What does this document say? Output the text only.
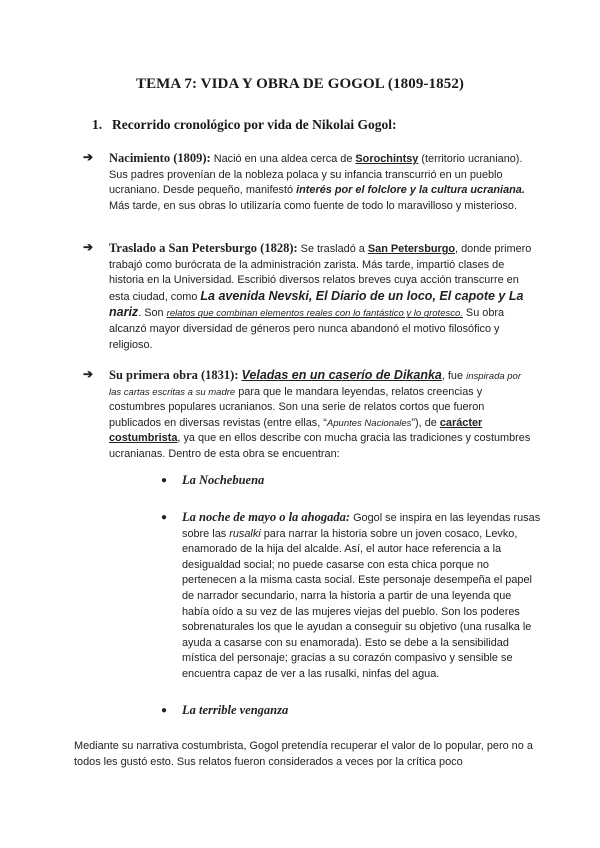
TEMA 7: VIDA Y OBRA DE GOGOL (1809-1852)
1. Recorrido cronológico por vida de Nikolai Gogol:
➔	Nacimiento (1809): Nació en una aldea cerca de Sorochintsy (territorio ucraniano). Sus padres provenían de la nobleza polaca y su infancia transcurrió en un pueblo ucraniano. Desde pequeño, manifestó interés por el folclore y la cultura ucraniana. Más tarde, en sus obras lo utilizaría como fuente de todo lo maravilloso y misterioso.

➔	Traslado a San Petersburgo (1828): Se trasladó a San Petersburgo, donde primero trabajó como burócrata de la administración zarista. Más tarde, impartió clases de historia en la Universidad. Escribió diversos relatos breves cuya acción transcurre en esta ciudad, como La avenida Nevski, El Diario de un loco, El capote y La nariz. Son relatos que combinan elementos reales con lo fantástico y lo grotesco. Su obra alcanzó mayor diversidad de géneros pero nunca abandonó el motivo filosófico y religioso.

➔	Su primera obra (1831): Veladas en un caserío de Dikanka, fue inspirada por las cartas escritas a su madre para que le mandara leyendas, relatos creencias y costumbres populares ucranianos. Son una serie de relatos cortos que fueron publicados en diversas revistas (entre ellas, “Apuntes Nacionales”), de carácter costumbrista, ya que en ellos describe con mucha gracia las tradiciones y costumbres ucranianas. Dentro de esta obra se encuentran:

●	La Nochebuena

●	La noche de mayo o la ahogada: Gogol se inspira en las leyendas rusas sobre las rusalki para narrar la historia sobre un joven cosaco, Levko, enamorado de la hija del alcalde. Así, el autor hace referencia a la desigualdad social; no puede casarse con esta chica porque no pertenecen a la misma casta social. Este personaje desempeña el papel de narrador secundario, narra la historia a partir de una leyenda que había oído a su vez de las mujeres viejas del pueblo. Son los poderes sobrenaturales los que le ayudan a conseguir su objetivo (una rusalka le ayuda a casarse con su enamorada). Esto se debe a la sensibilidad mística del personaje; gracias a su corazón compasivo y sensible se encuentra capaz de ver a las rusalki, ninfas del agua.

●	La terrible venganza

Mediante su narrativa costumbrista, Gogol pretendía recuperar el valor de lo popular, pero no a todos les gustó esto. Sus relatos fueron considerados a veces por la crítica poco
